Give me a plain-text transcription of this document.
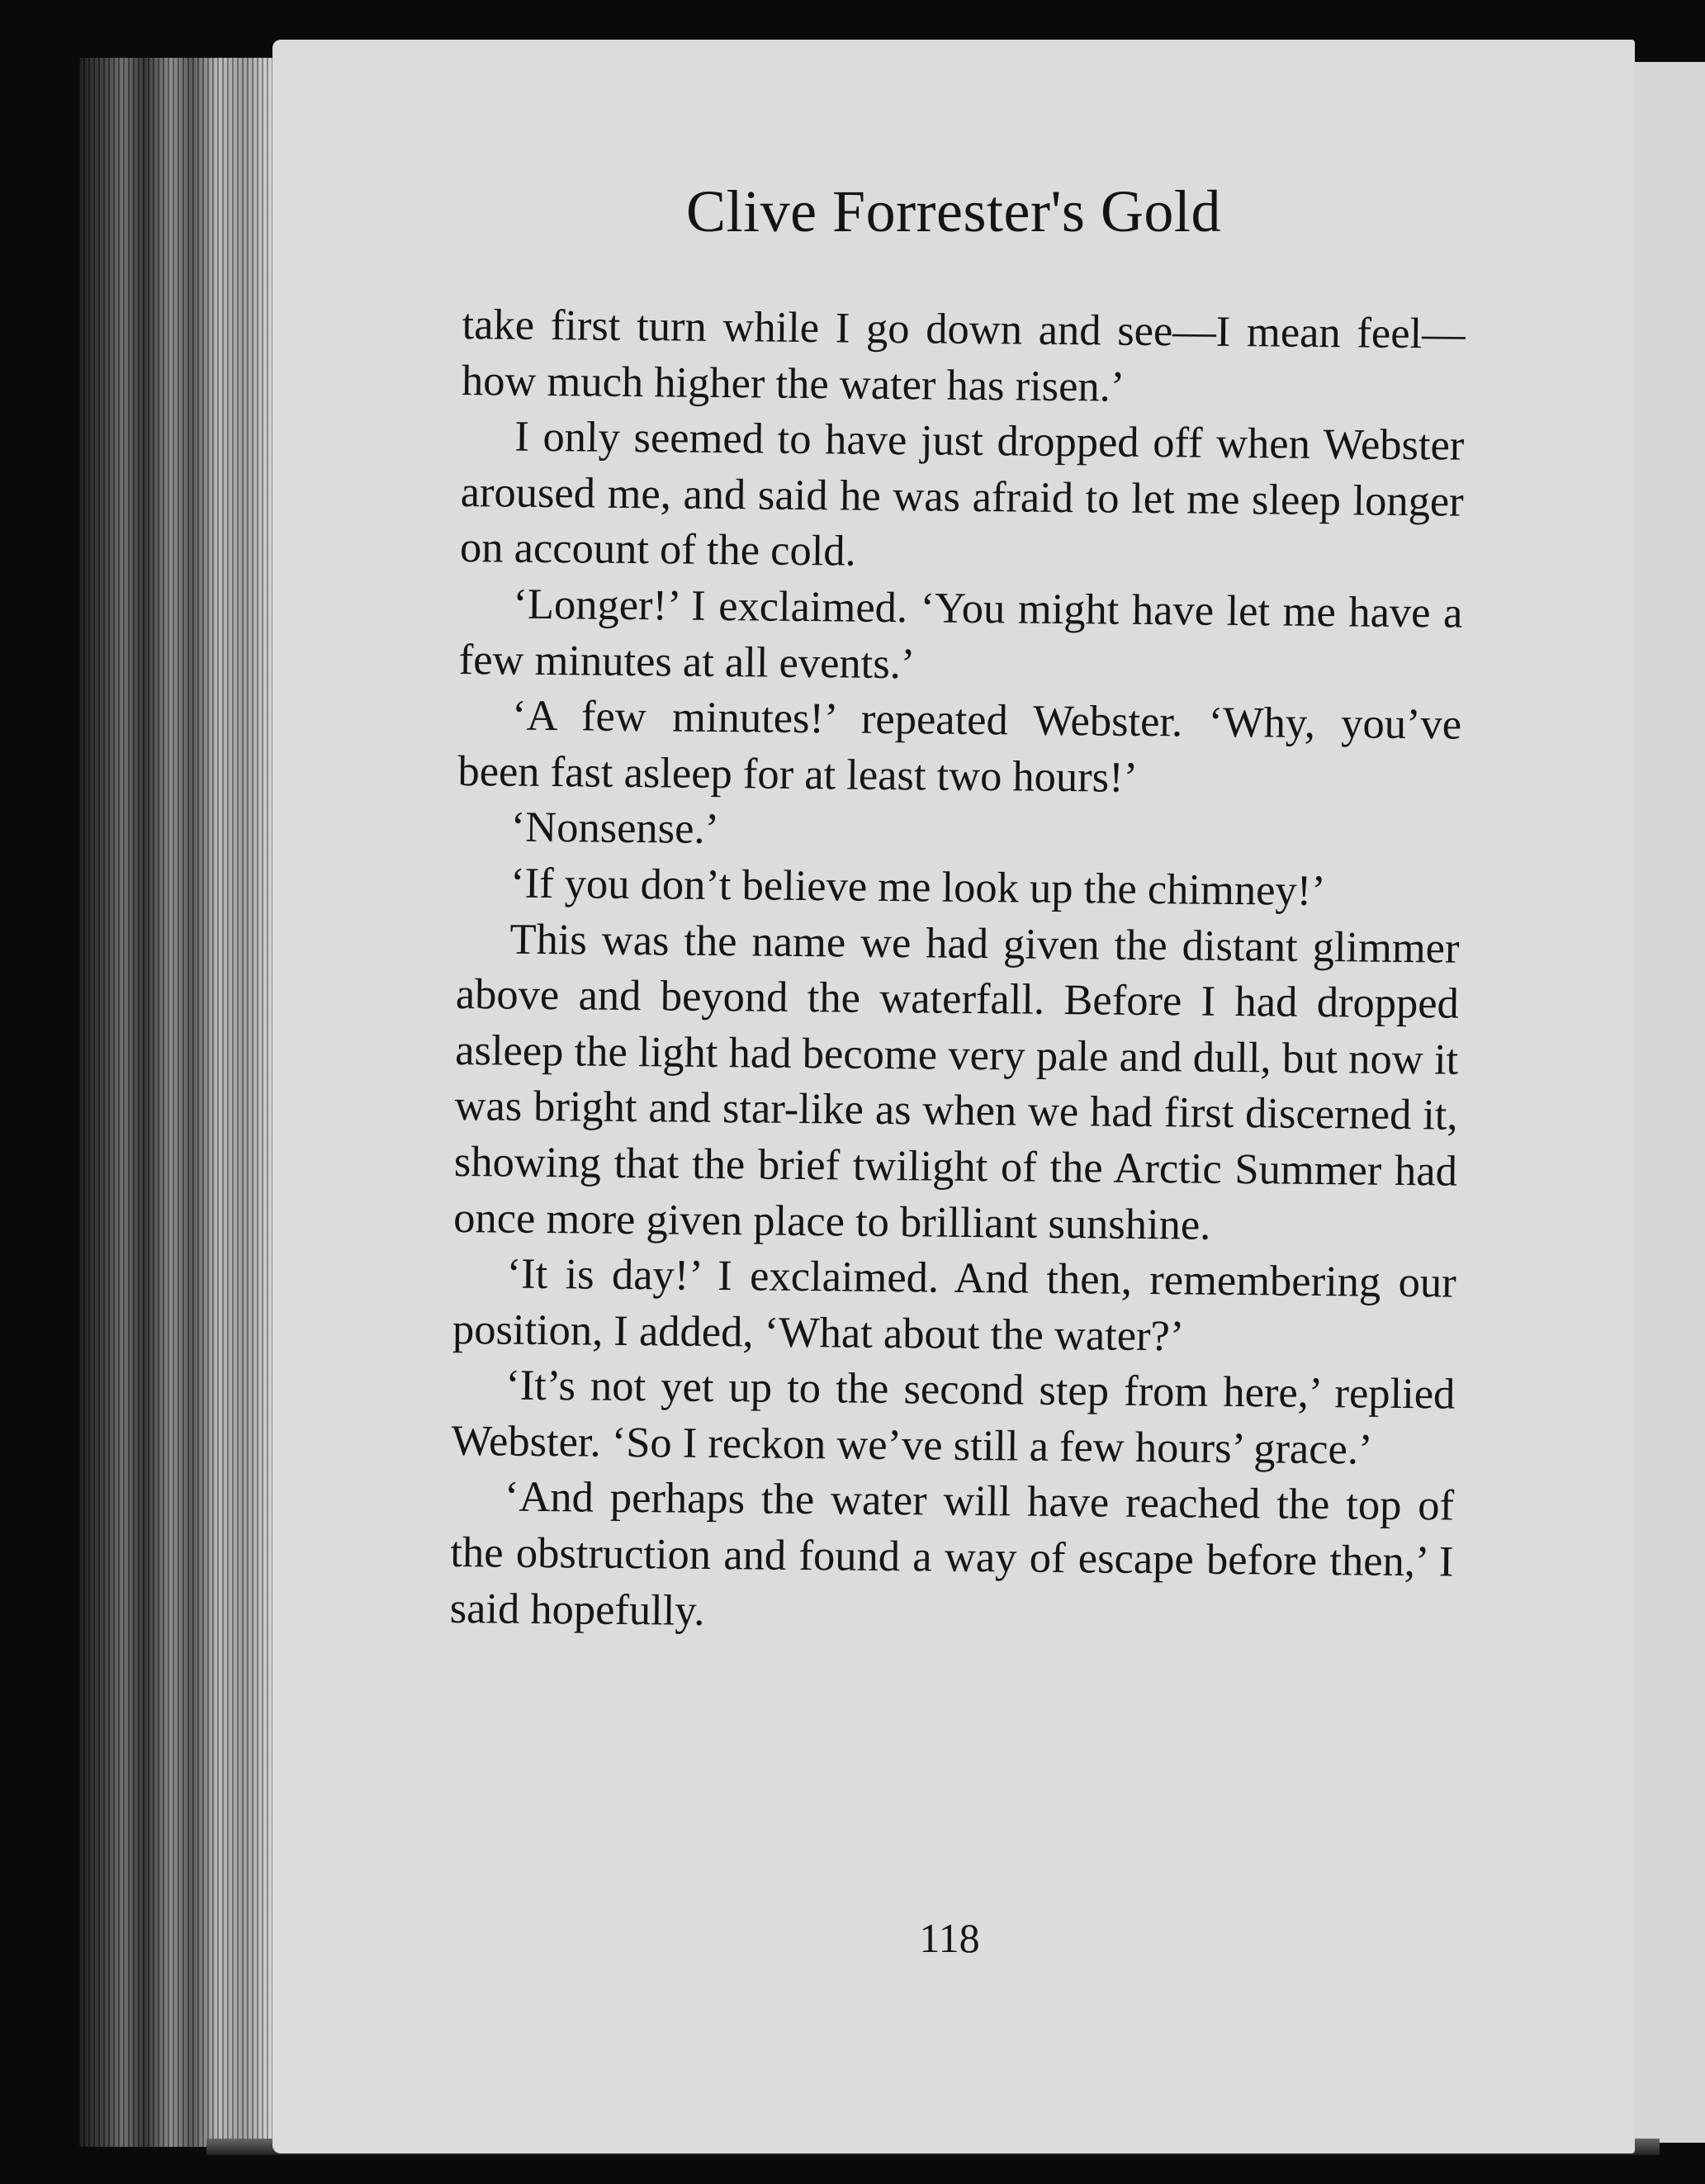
Clive Forrester's Gold

take first turn while I go down and see—I mean feel—how much higher the water has risen.’

I only seemed to have just dropped off when Webster aroused me, and said he was afraid to let me sleep longer on account of the cold.

‘Longer!’ I exclaimed. ‘You might have let me have a few minutes at all events.’

‘A few minutes!’ repeated Webster. ‘Why, you’ve been fast asleep for at least two hours!’

‘Nonsense.’

‘If you don’t believe me look up the chimney!’

This was the name we had given the distant glimmer above and beyond the waterfall. Before I had dropped asleep the light had become very pale and dull, but now it was bright and star-like as when we had first discerned it, showing that the brief twilight of the Arctic Summer had once more given place to brilliant sunshine.

‘It is day!’ I exclaimed. And then, remembering our position, I added, ‘What about the water?’

‘It’s not yet up to the second step from here,’ replied Webster. ‘So I reckon we’ve still a few hours’ grace.’

‘And perhaps the water will have reached the top of the obstruction and found a way of escape before then,’ I said hopefully.

118
